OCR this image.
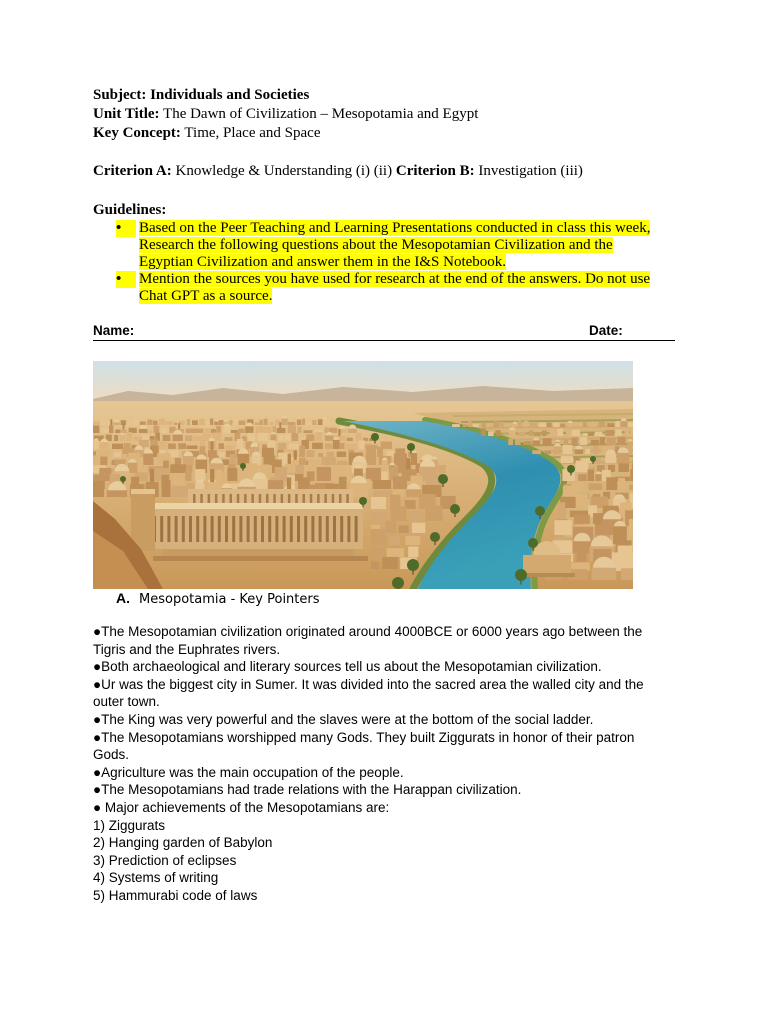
Subject: Individuals and Societies
Unit Title: The Dawn of Civilization – Mesopotamia and Egypt
Key Concept: Time, Place and Space
Criterion A: Knowledge & Understanding (i) (ii) Criterion B: Investigation (iii)
Guidelines:
•	Based on the Peer Teaching and Learning Presentations conducted in class this week, Research the following questions about the Mesopotamian Civilization and the Egyptian Civilization and answer them in the I&S Notebook.
•	Mention the sources you have used for research at the end of the answers. Do not use Chat GPT as a source.
Name:	Date:
A. Mesopotamia - Key Pointers
●The Mesopotamian civilization originated around 4000BCE or 6000 years ago between the Tigris and the Euphrates rivers.
●Both archaeological and literary sources tell us about the Mesopotamian civilization.
●Ur was the biggest city in Sumer. It was divided into the sacred area the walled city and the outer town.
●The King was very powerful and the slaves were at the bottom of the social ladder.
●The Mesopotamians worshipped many Gods. They built Ziggurats in honor of their patron Gods.
●Agriculture was the main occupation of the people.
●The Mesopotamians had trade relations with the Harappan civilization.
● Major achievements of the Mesopotamians are:
1) Ziggurats
2) Hanging garden of Babylon
3) Prediction of eclipses
4) Systems of writing
5) Hammurabi code of laws
